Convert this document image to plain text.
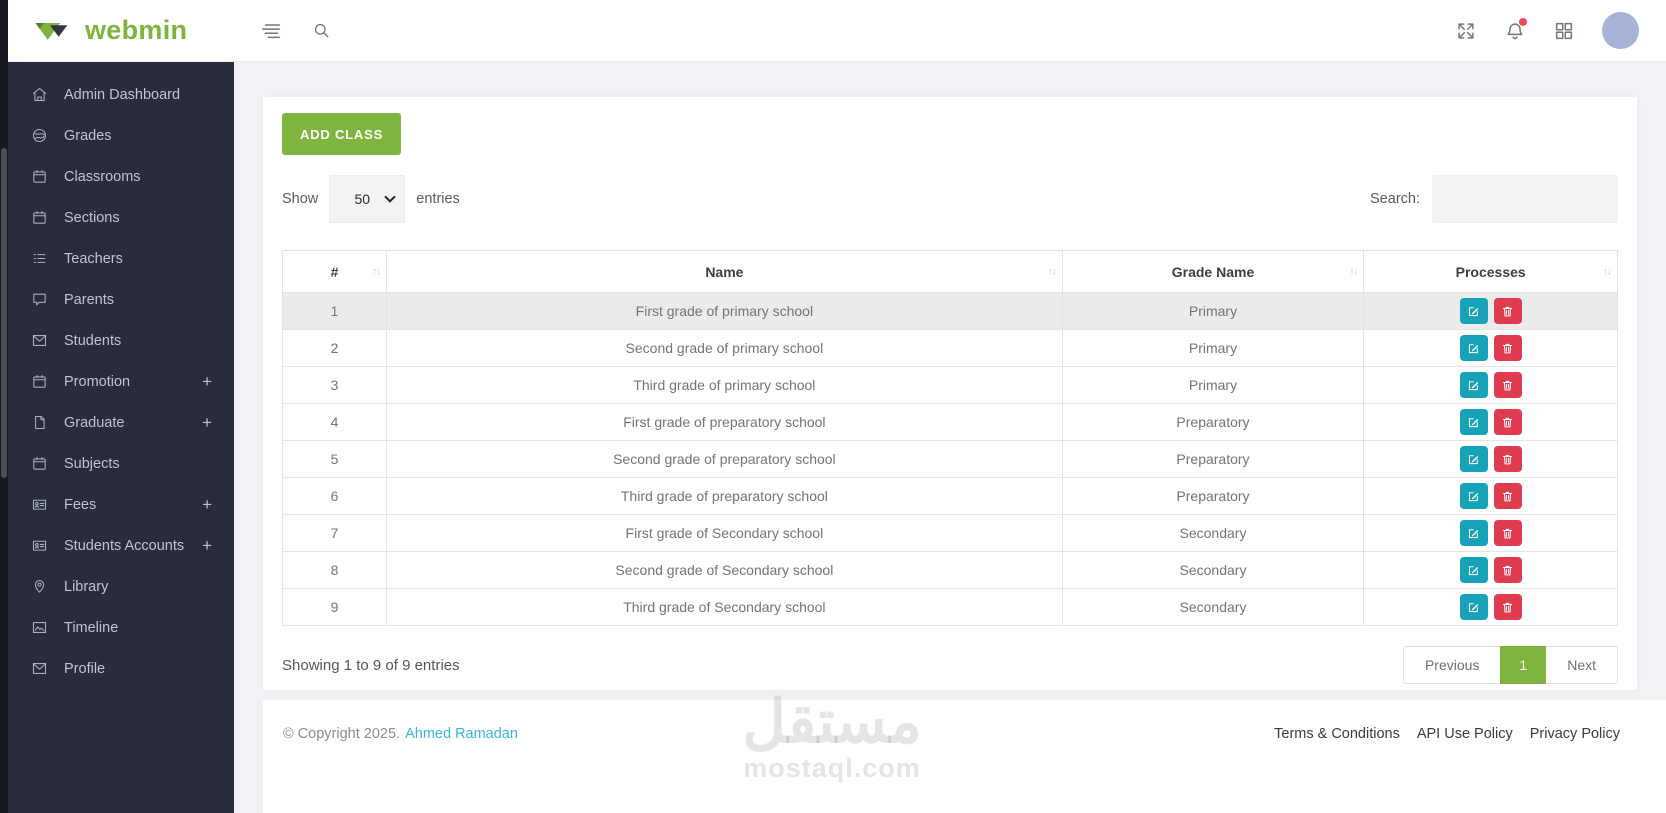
webmin
Admin Dashboard
Grades
Classrooms
Sections
Teachers
Parents
Students
Promotion	+
Graduate	+
Subjects
Fees	+
Students Accounts +
Library
Timeline
Profile
ADD CLASS
Show
50	entries	Search:
# ↑↓	Name ↑↓	Grade Name ↑↓	Processes ↑↓

1	First grade of primary school	Primary	

2	Second grade of primary school	Primary	

3	Third grade of primary school	Primary	

4	First grade of preparatory school	Preparatory	

5	Second grade of preparatory school	Preparatory	

6	Third grade of preparatory school	Preparatory	

7	First grade of Secondary school	Secondary	

8	Second grade of Secondary school	Secondary	

9	Third grade of Secondary school	Secondary	
Showing 1 to 9 of 9 entries	Previous	1	Next
© Copyright 2025. Ahmed Ramadan	Terms & Conditions API Use Policy Privacy Policy
